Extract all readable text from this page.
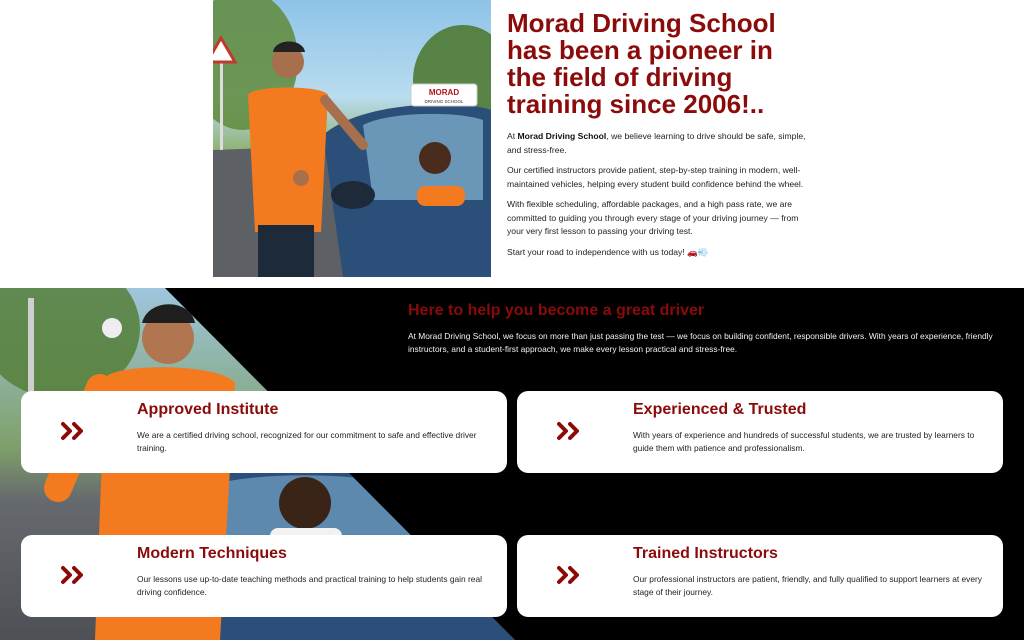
MORAD
DRIVING SCHOOL
Morad Driving School has been a pioneer in the field of driving training since 2006!..

At Morad Driving School, we believe learning to drive should be safe, simple, and stress-free.

Our certified instructors provide patient, step-by-step training in modern, well-maintained vehicles, helping every student build confidence behind the wheel.

With flexible scheduling, affordable packages, and a high pass rate, we are committed to guiding you through every stage of your driving journey — from your very first lesson to passing your driving test.

Start your road to independence with us today! 🚗💨

Here to help you become a great driver

At Morad Driving School, we focus on more than just passing the test — we focus on building confident, responsible drivers. With years of experience, friendly instructors, and a student-first approach, we make every lesson practical and stress-free.

Approved Institute

We are a certified driving school, recognized for our commitment to safe and effective driver training.

Experienced & Trusted

With years of experience and hundreds of successful students, we are trusted by learners to guide them with patience and professionalism.

Modern Techniques

Our lessons use up-to-date teaching methods and practical training to help students gain real driving confidence.

Trained Instructors

Our professional instructors are patient, friendly, and fully qualified to support learners at every stage of their journey.
